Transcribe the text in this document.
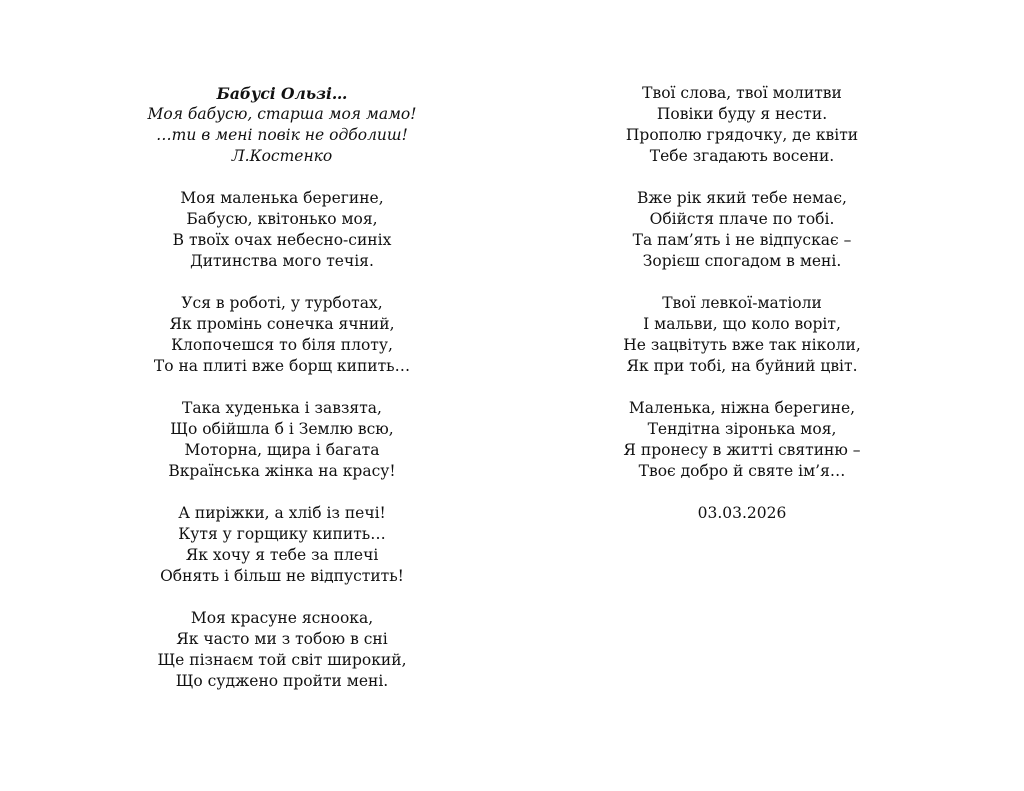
Бабусі Ользі…
Моя бабусю, старша моя мамо!
…ти в мені повік не одболиш!
Л.Костенко
Моя маленька берегине,
Бабусю, квітонько моя,
В твоїх очах небесно-синіх
Дитинства мого течія.
Уся в роботі, у турботах,
Як промінь сонечка ячний,
Клопочешся то біля плоту,
То на плиті вже борщ кипить…
Така худенька і завзята,
Що обійшла б і Землю всю,
Моторна, щира і багата
Вкраїнська жінка на красу!
А пиріжки, а хліб із печі!
Кутя у горщику кипить…
Як хочу я тебе за плечі
Обнять і більш не відпустить!
Моя красуне ясноока,
Як часто ми з тобою в сні
Ще пізнаєм той світ широкий,
Що суджено пройти мені.
Твої слова, твої молитви
Повіки буду я нести.
Прополю грядочку, де квіти
Тебе згадають восени.
Вже рік який тебе немає,
Обійстя плаче по тобі.
Та пам’ять і не відпускає –
Зорієш спогадом в мені.
Твої левкої-матіоли
І мальви, що коло воріт,
Не зацвітуть вже так ніколи,
Як при тобі, на буйний цвіт.
Маленька, ніжна берегине,
Тендітна зіронька моя,
Я пронесу в житті святиню –
Твоє добро й святе ім’я…
03.03.2026
